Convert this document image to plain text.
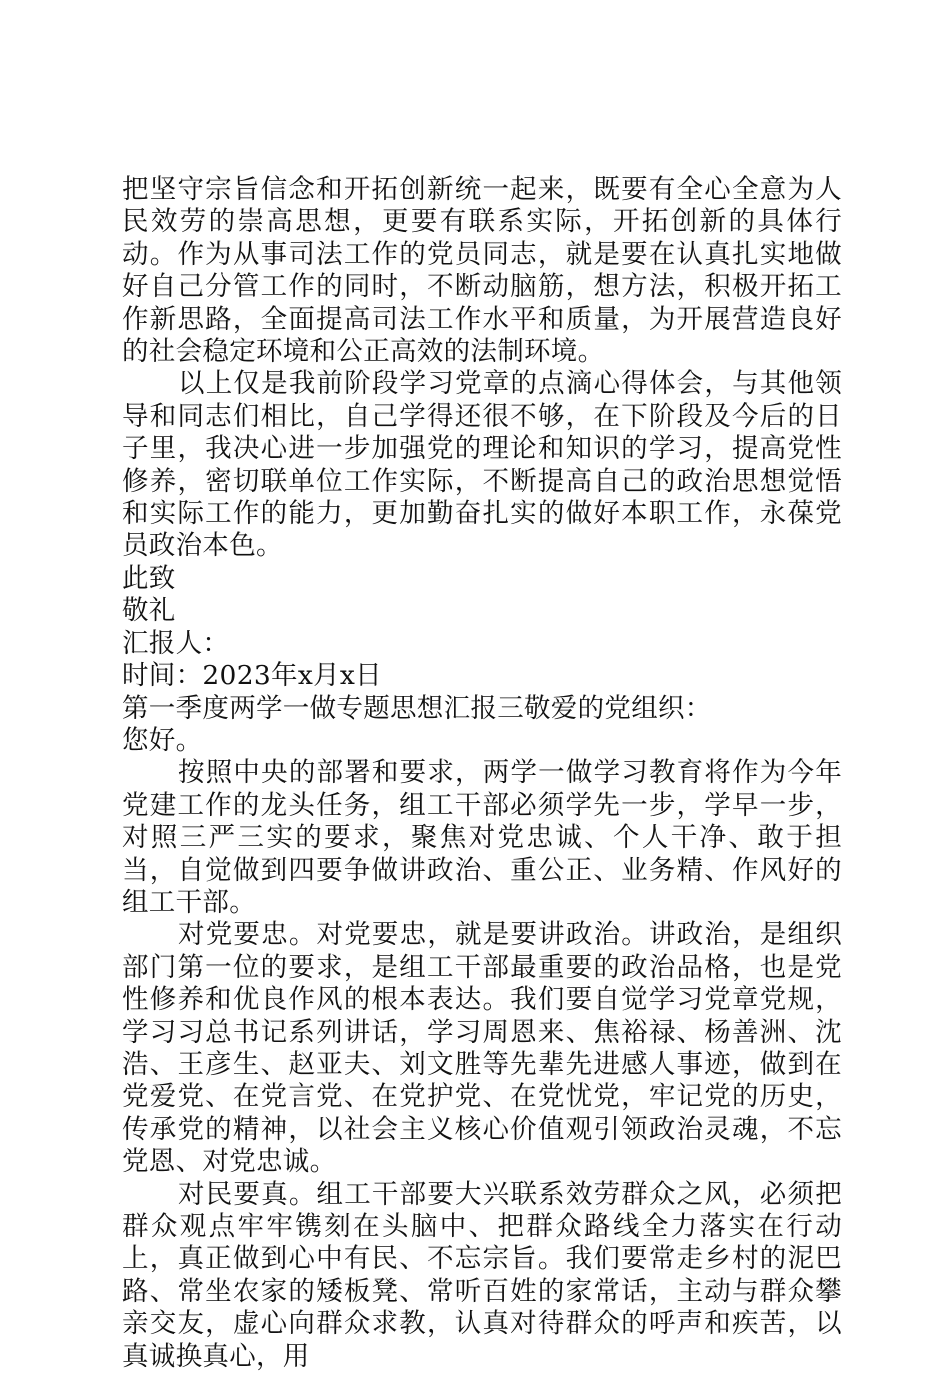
把坚守宗旨信念和开拓创新统一起来，既要有全心全意为人民效劳的崇高思想，更要有联系实际，开拓创新的具体行动。作为从事司法工作的党员同志，就是要在认真扎实地做好自己分管工作的同时，不断动脑筋，想方法，积极开拓工作新思路，全面提高司法工作水平和质量，为开展营造良好的社会稳定环境和公正高效的法制环境。

以上仅是我前阶段学习党章的点滴心得体会，与其他领导和同志们相比，自己学得还很不够，在下阶段及今后的日子里，我决心进一步加强党的理论和知识的学习，提高党性修养，密切联单位工作实际，不断提高自己的政治思想觉悟和实际工作的能力，更加勤奋扎实的做好本职工作，永葆党员政治本色。

此致

敬礼

汇报人：

时间：2023年x月x日

第一季度两学一做专题思想汇报三敬爱的党组织：

您好。

按照中央的部署和要求，两学一做学习教育将作为今年党建工作的龙头任务，组工干部必须学先一步，学早一步，对照三严三实的要求，聚焦对党忠诚、个人干净、敢于担当，自觉做到四要争做讲政治、重公正、业务精、作风好的组工干部。

对党要忠。对党要忠，就是要讲政治。讲政治，是组织部门第一位的要求，是组工干部最重要的政治品格，也是党性修养和优良作风的根本表达。我们要自觉学习党章党规，学习习总书记系列讲话，学习周恩来、焦裕禄、杨善洲、沈浩、王彦生、赵亚夫、刘文胜等先辈先进感人事迹，做到在党爱党、在党言党、在党护党、在党忧党，牢记党的历史，传承党的精神，以社会主义核心价值观引领政治灵魂，不忘党恩、对党忠诚。

对民要真。组工干部要大兴联系效劳群众之风，必须把群众观点牢牢镌刻在头脑中、把群众路线全力落实在行动上，真正做到心中有民、不忘宗旨。我们要常走乡村的泥巴路、常坐农家的矮板凳、常听百姓的家常话，主动与群众攀亲交友，虚心向群众求教，认真对待群众的呼声和疾苦，以真诚换真心，用
